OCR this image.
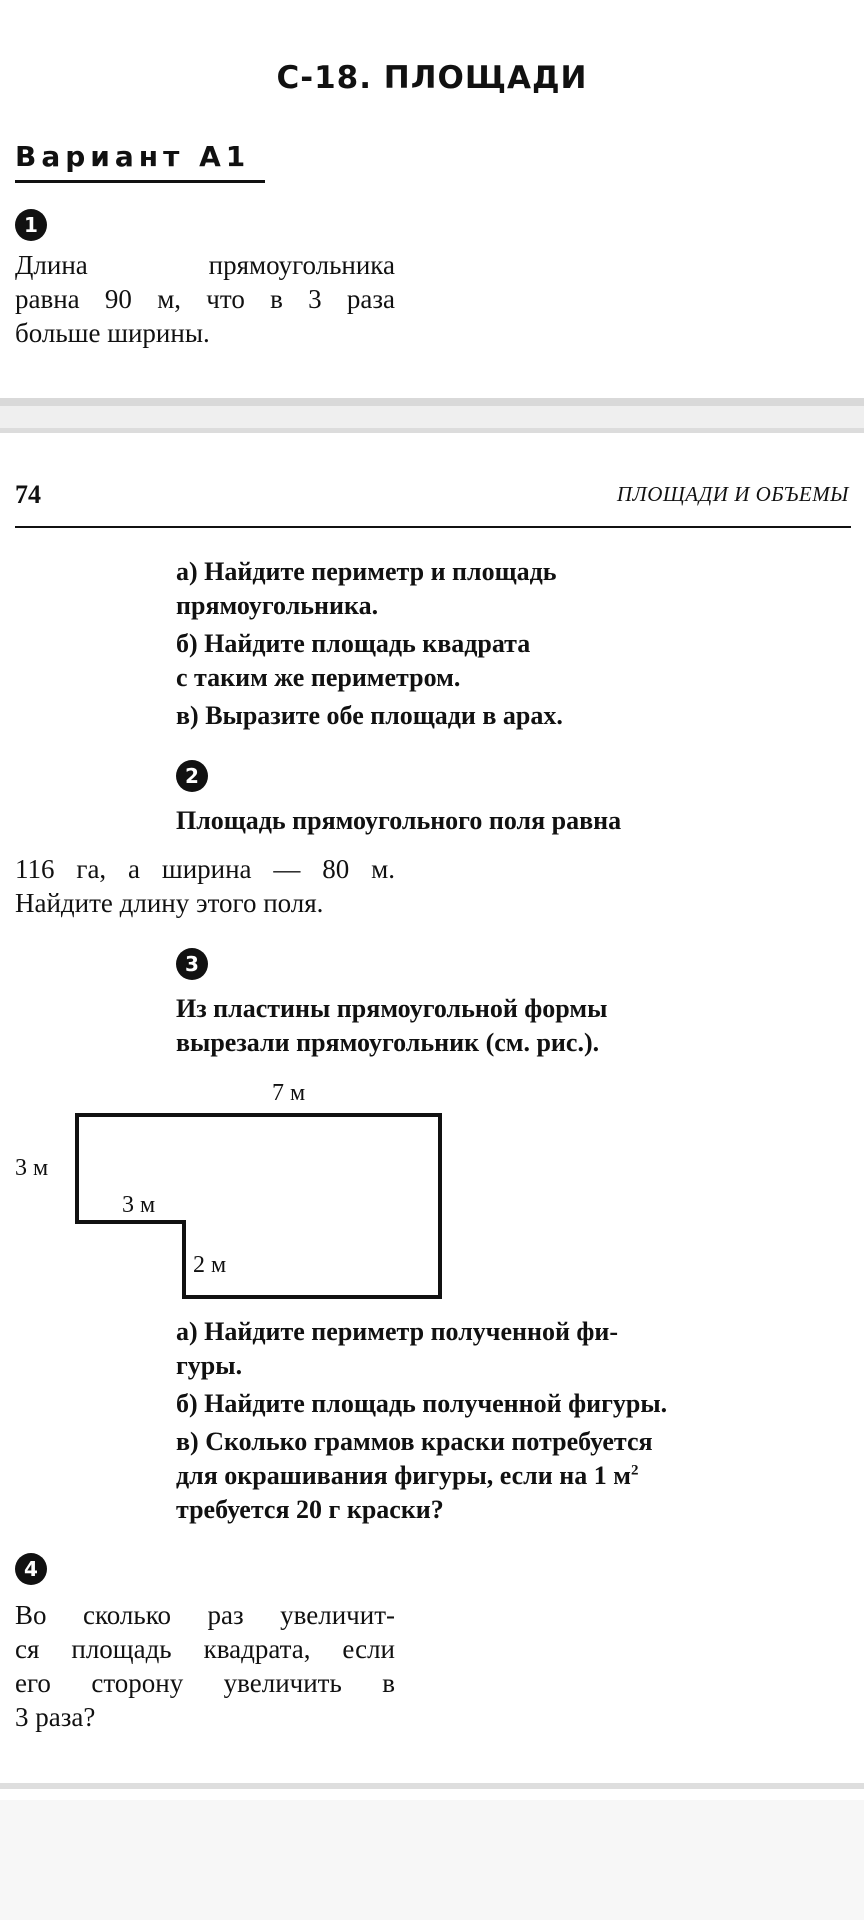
С-18. ПЛОЩАДИ
Вариант А1
1
Длина прямоугольника
равна 90 м, что в 3 раза
больше ширины.
74	ПЛОЩАДИ И ОБЪЕМЫ
а) Найдите периметр и площадь
прямоугольника.
б) Найдите площадь квадрата
с таким же периметром.
в) Выразите обе площади в арах.
2
Площадь прямоугольного поля равна
116 га, а ширина — 80 м.
Найдите длину этого поля.
3
Из пластины прямоугольной формы
вырезали прямоугольник (см. рис.).
7 м
3 м
3 м
2 м
а) Найдите периметр полученной фи-
гуры.
б) Найдите площадь полученной фигуры.
в) Сколько граммов краски потребуется
для окрашивания фигуры, если на 1 $м^2$
требуется 20 г краски?
4
Во сколько раз увеличит-
ся площадь квадрата, если
его сторону увеличить в
3 раза?
